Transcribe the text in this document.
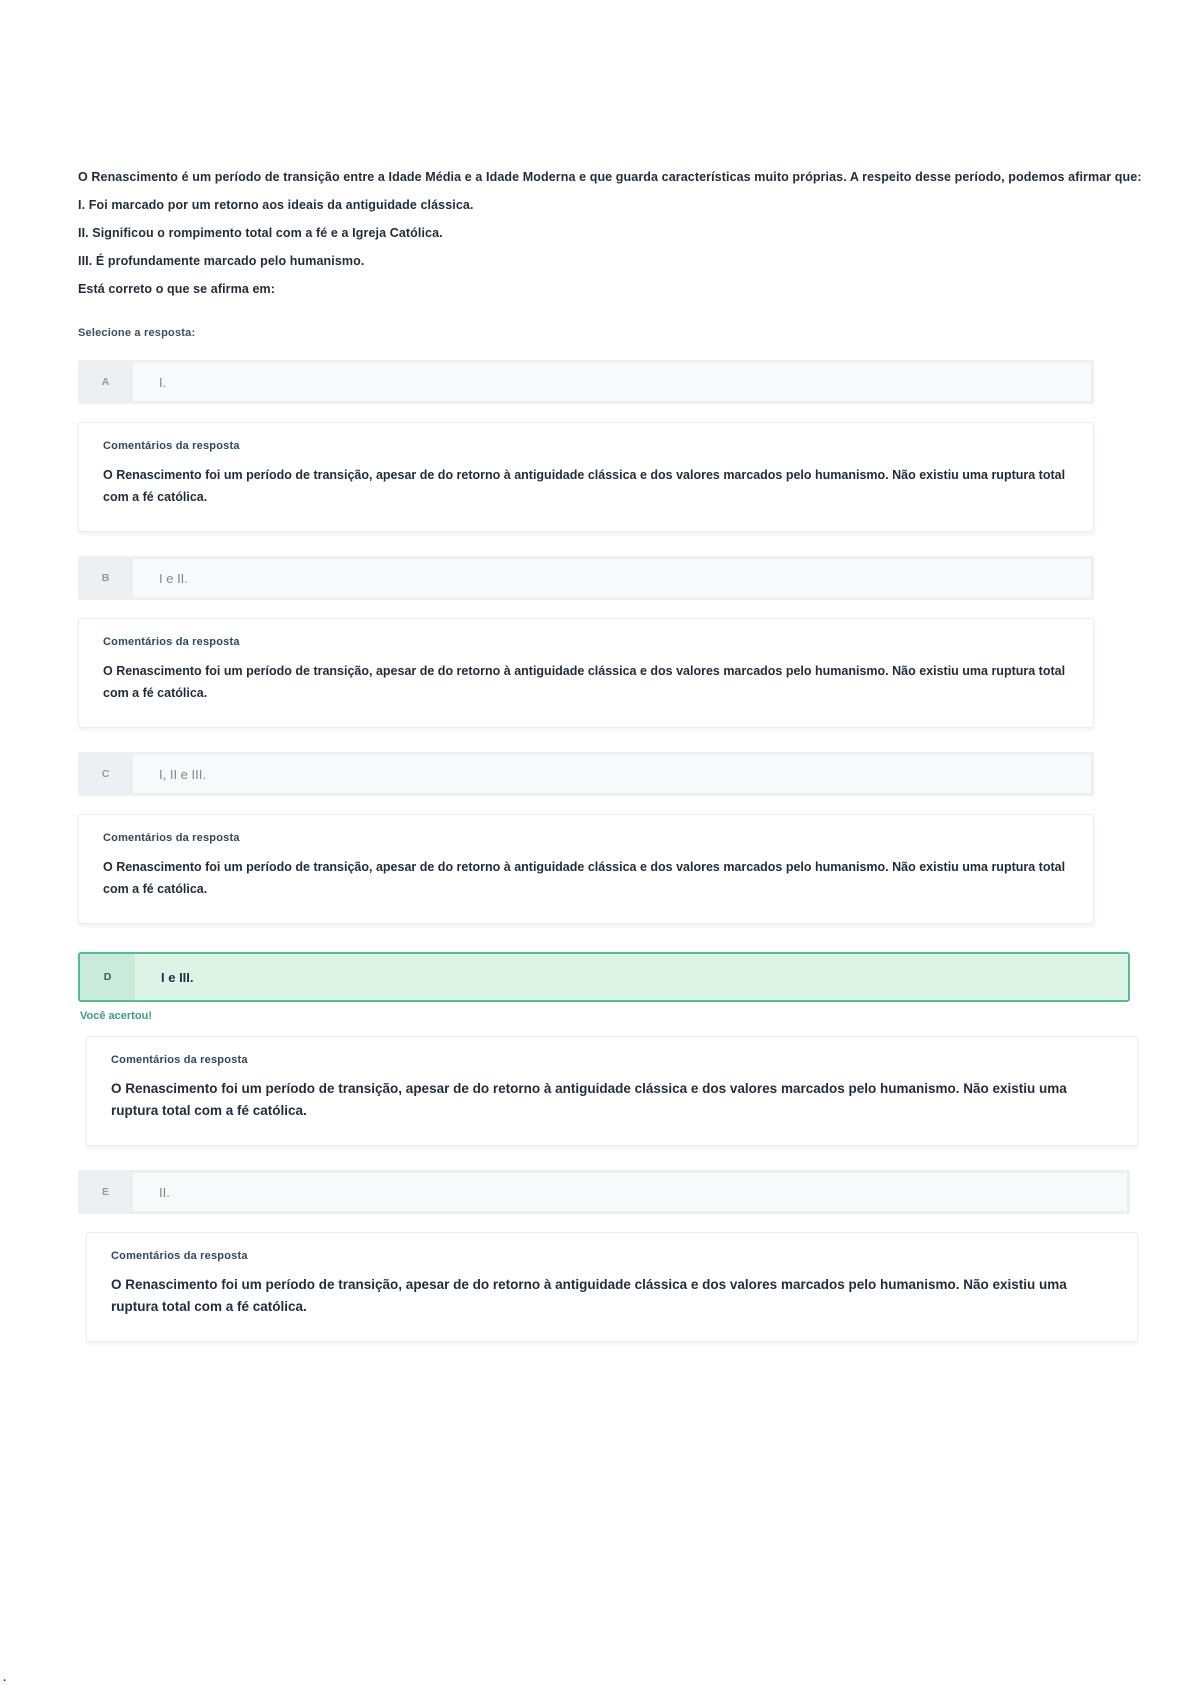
O Renascimento é um período de transição entre a Idade Média e a Idade Moderna e que guarda características muito próprias. A respeito desse período, podemos afirmar que:

I. Foi marcado por um retorno aos ideais da antiguidade clássica.

II. Significou o rompimento total com a fé e a Igreja Católica.

III. É profundamente marcado pelo humanismo.

Está correto o que se afirma em:

Selecione a resposta:
A	I.
Comentários da resposta

O Renascimento foi um período de transição, apesar de do retorno à antiguidade clássica e dos valores marcados pelo humanismo. Não existiu uma ruptura total com a fé católica.

B	I e II.
Comentários da resposta

O Renascimento foi um período de transição, apesar de do retorno à antiguidade clássica e dos valores marcados pelo humanismo. Não existiu uma ruptura total com a fé católica.

C	I, II e III.
Comentários da resposta

O Renascimento foi um período de transição, apesar de do retorno à antiguidade clássica e dos valores marcados pelo humanismo. Não existiu uma ruptura total com a fé católica.

D	I e III.
Você acertou!
Comentários da resposta

O Renascimento foi um período de transição, apesar de do retorno à antiguidade clássica e dos valores marcados pelo humanismo. Não existiu uma ruptura total com a fé católica.

E	II.
Comentários da resposta

O Renascimento foi um período de transição, apesar de do retorno à antiguidade clássica e dos valores marcados pelo humanismo. Não existiu uma ruptura total com a fé católica.

.
